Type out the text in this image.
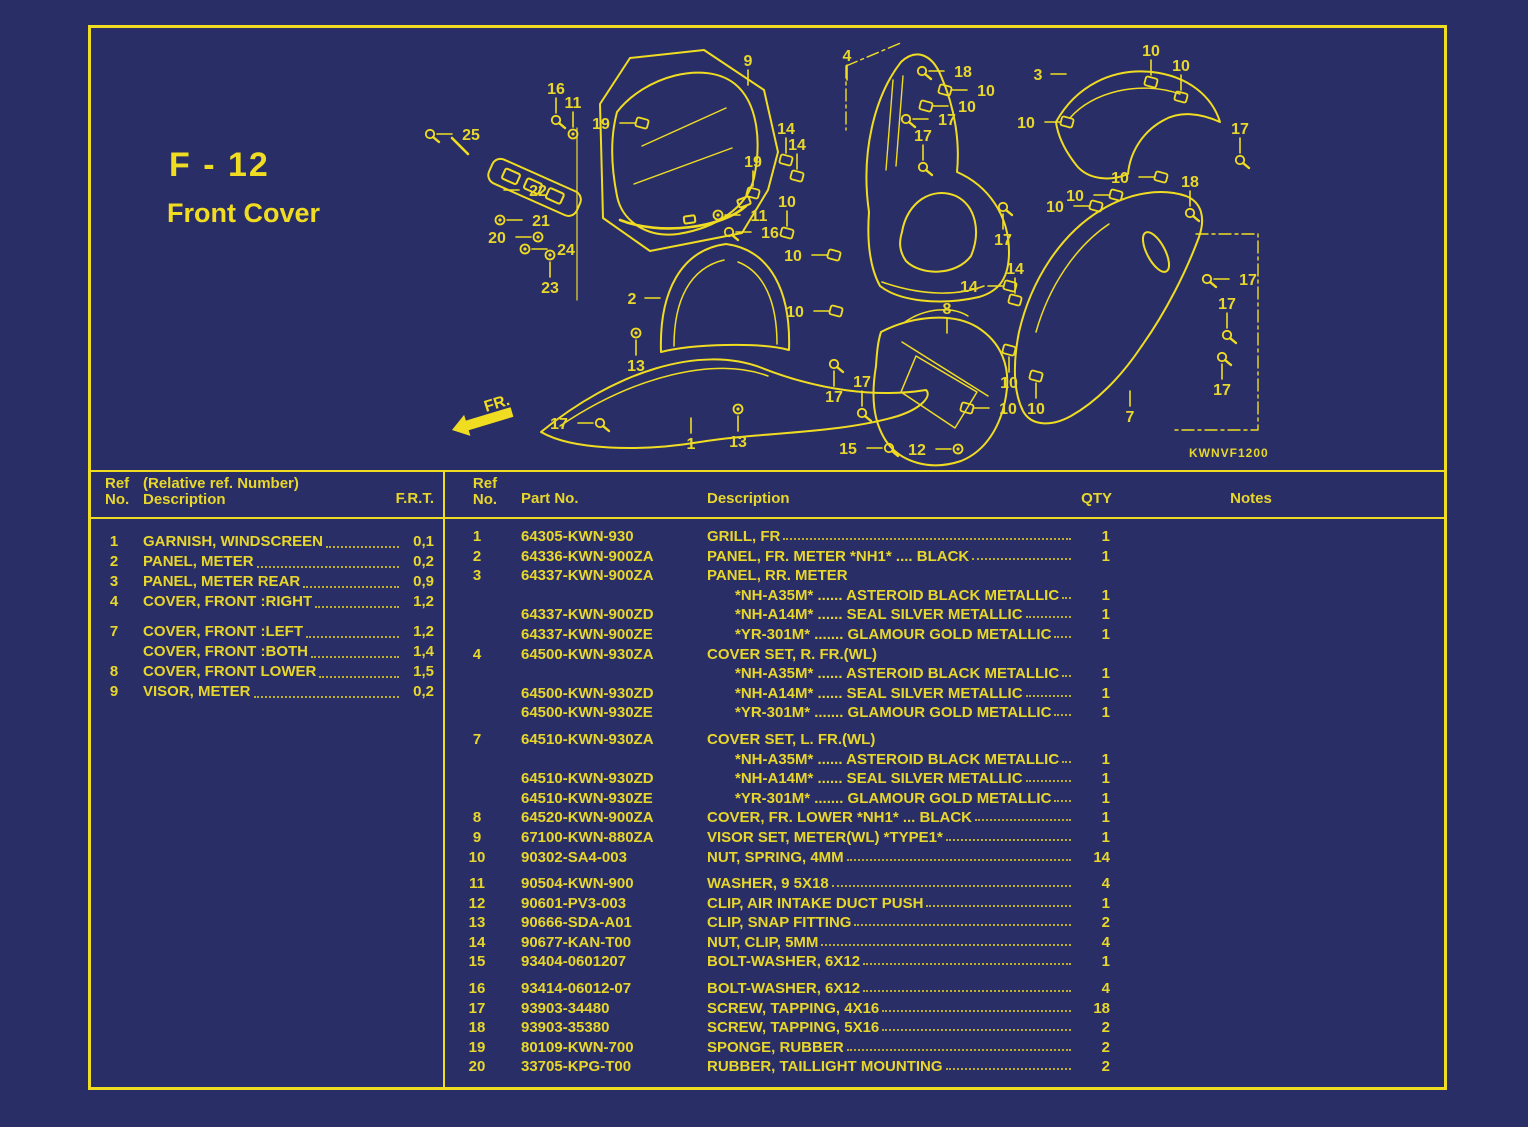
F - 12
Front Cover
FR.
9	4
16
11
19
25	14
14
19
22
10
11
21
16
20
24	10
23
2
10
13
17
1 13
18
10
10
17
17
3
10
10
10	17
10	18
10
10
17
14
14
8
10
10 10
17
17
15	12
7
17
17
17
KWNVF1200
Ref
No.
(Relative ref. Number)
Description	F.R.T.
Ref
No.	Part No.	Description	QTY	Notes
1	GARNISH, WINDSCREEN	0,1
2	PANEL, METER	0,2
3	PANEL, METER REAR	0,9
4	COVER, FRONT :RIGHT	1,2
7	COVER, FRONT :LEFT	1,2
COVER, FRONT :BOTH	1,4
8	COVER, FRONT LOWER	1,5
9	VISOR, METER	0,2
1	64305-KWN-930	GRILL, FR	1
2	64336-KWN-900ZA	PANEL, FR. METER *NH1* .... BLACK	1
3	64337-KWN-900ZA	PANEL, RR. METER
*NH-A35M* ...... ASTEROID BLACK METALLIC	1
64337-KWN-900ZD	*NH-A14M* ...... SEAL SILVER METALLIC	1
64337-KWN-900ZE	*YR-301M* ....... GLAMOUR GOLD METALLIC	1
4	64500-KWN-930ZA	COVER SET, R. FR.(WL)
*NH-A35M* ...... ASTEROID BLACK METALLIC	1
64500-KWN-930ZD	*NH-A14M* ...... SEAL SILVER METALLIC	1
64500-KWN-930ZE	*YR-301M* ....... GLAMOUR GOLD METALLIC	1
7	64510-KWN-930ZA	COVER SET, L. FR.(WL)
*NH-A35M* ...... ASTEROID BLACK METALLIC	1
64510-KWN-930ZD	*NH-A14M* ...... SEAL SILVER METALLIC	1
64510-KWN-930ZE	*YR-301M* ....... GLAMOUR GOLD METALLIC	1
8	64520-KWN-900ZA	COVER, FR. LOWER *NH1* ... BLACK	1
9	67100-KWN-880ZA	VISOR SET, METER(WL) *TYPE1*	1
10	90302-SA4-003	NUT, SPRING, 4MM	14
11	90504-KWN-900	WASHER, 9 5X18	4
12	90601-PV3-003	CLIP, AIR INTAKE DUCT PUSH	1
13	90666-SDA-A01	CLIP, SNAP FITTING	2
14	90677-KAN-T00	NUT, CLIP, 5MM	4
15	93404-0601207	BOLT-WASHER, 6X12	1
16	93414-06012-07	BOLT-WASHER, 6X12	4
17	93903-34480	SCREW, TAPPING, 4X16	18
18	93903-35380	SCREW, TAPPING, 5X16	2
19	80109-KWN-700	SPONGE, RUBBER	2
20	33705-KPG-T00	RUBBER, TAILLIGHT MOUNTING	2
